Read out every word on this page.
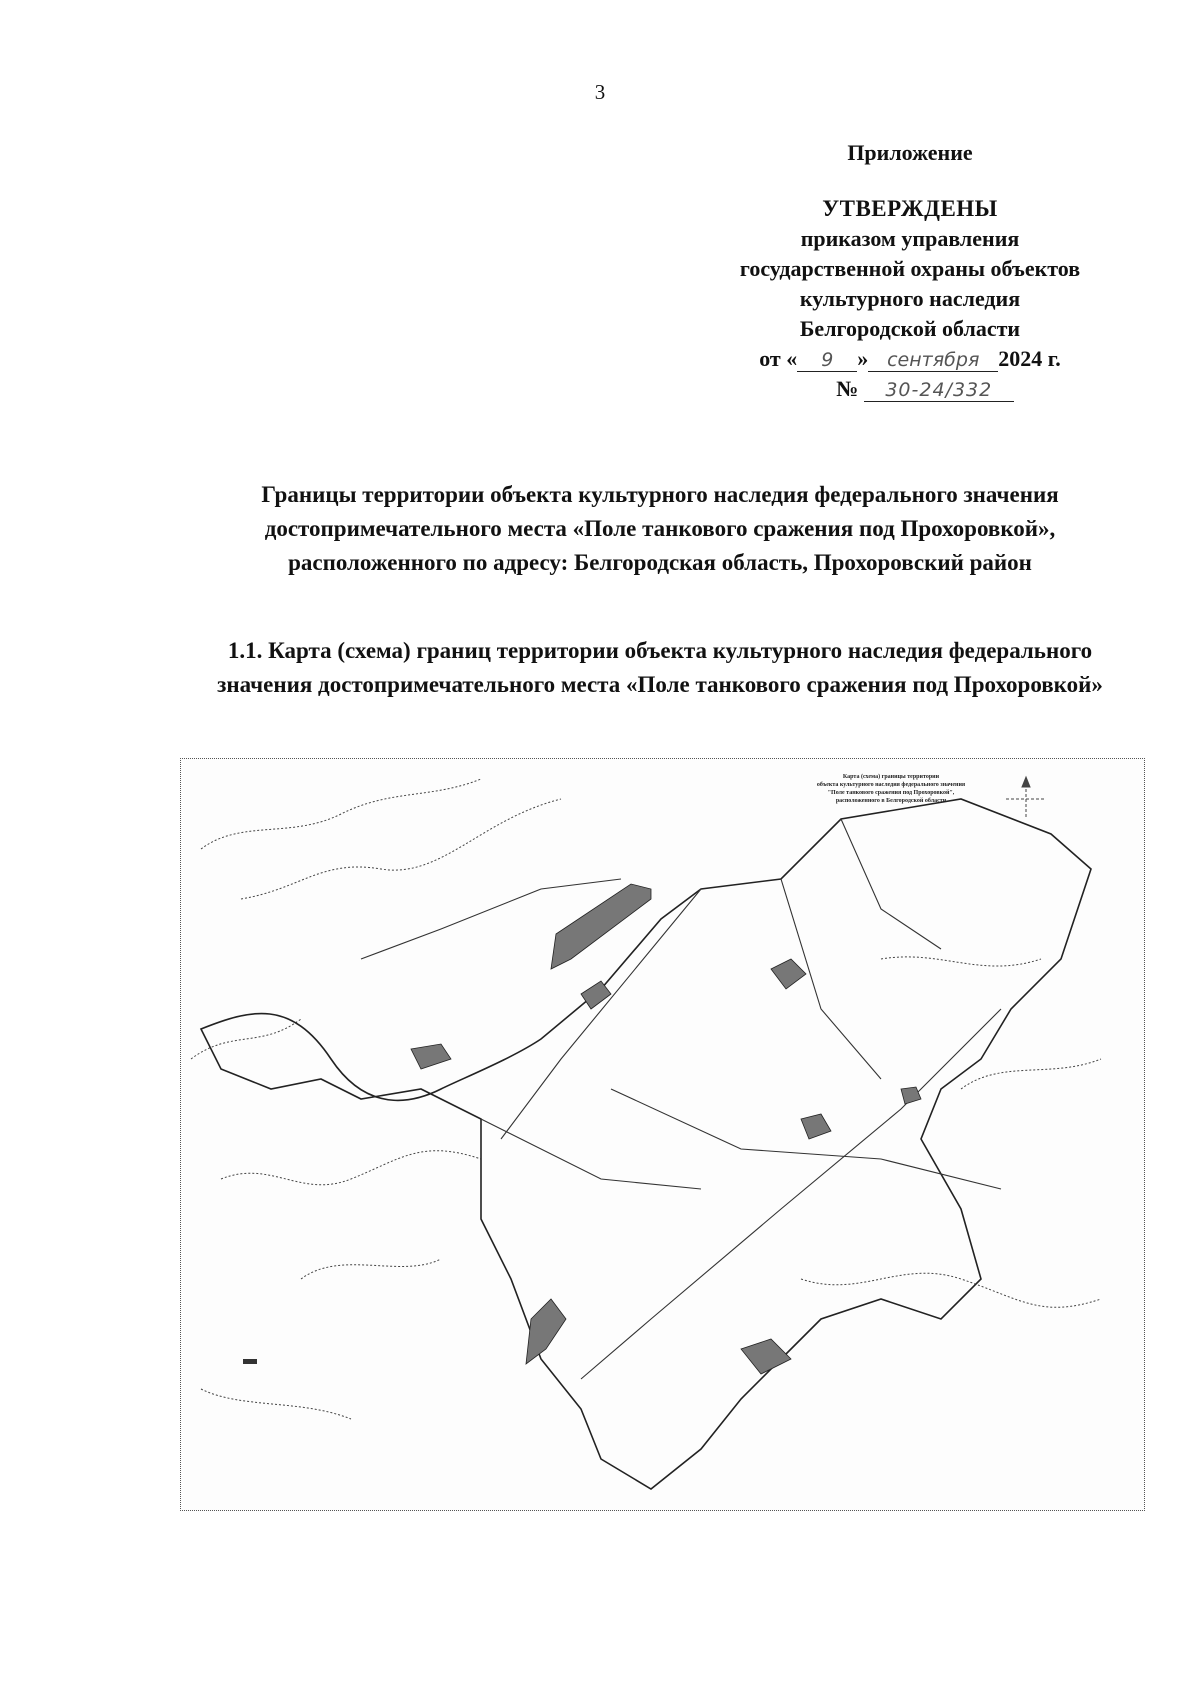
3
Приложение
УТВЕРЖДЕНЫ
приказом управления
государственной охраны объектов
культурного наследия
Белгородской области
от « 9 » сентября 2024 г.
№ 30-24/332
Границы территории объекта культурного наследия федерального значения достопримечательного места «Поле танкового сражения под Прохоровкой», расположенного по адресу: Белгородская область, Прохоровский район
1.1. Карта (схема) границ территории объекта культурного наследия федерального значения достопримечательного места «Поле танкового сражения под Прохоровкой»
Карта (схема) границы территории
объекта культурного наследия федерального значения
"Поле танкового сражения под Прохоровкой",
расположенного в Белгородской области
